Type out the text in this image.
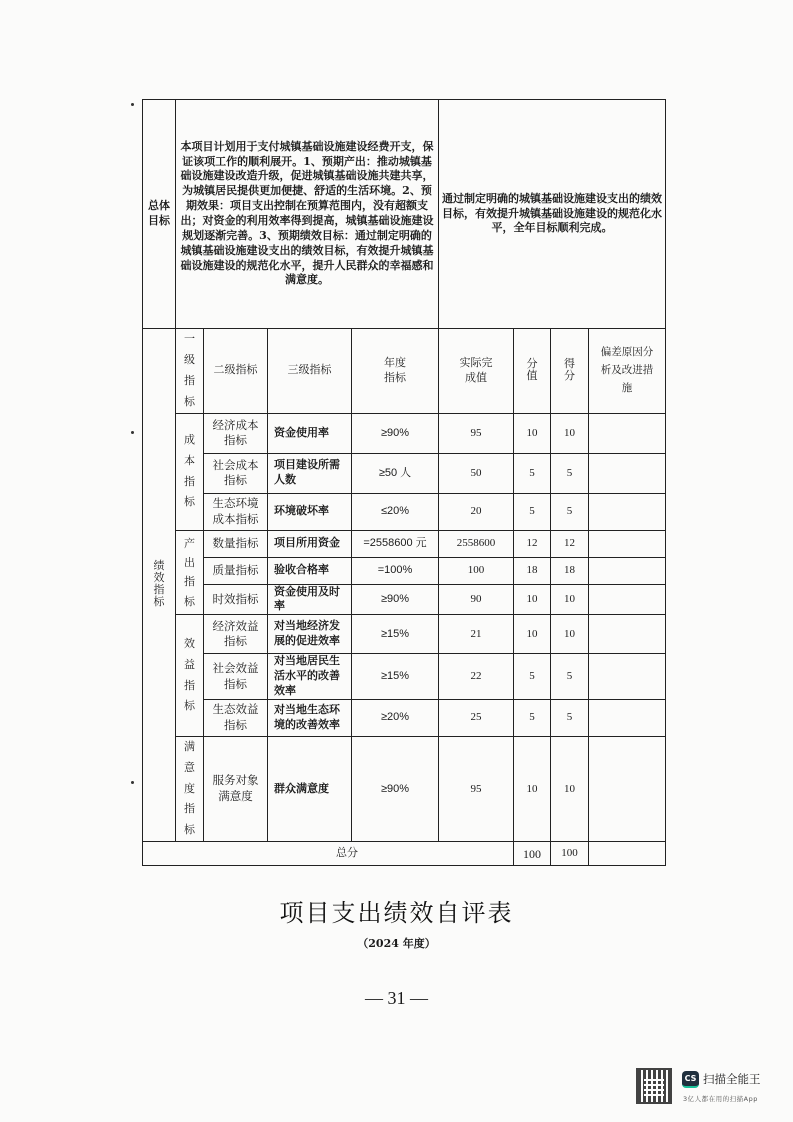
总体目标	本项目计划用于支付城镇基础设施建设经费开支，保证该项工作的顺利展开。1、预期产出：推动城镇基础设施建设改造升级，促进城镇基础设施共建共享，为城镇居民提供更加便捷、舒适的生活环境。2、预期效果：项目支出控制在预算范围内，没有超额支出；对资金的利用效率得到提高，城镇基础设施建设规划逐渐完善。3、预期绩效目标：通过制定明确的城镇基础设施建设支出的绩效目标，有效提升城镇基础设施建设的规范化水平，提升人民群众的幸福感和满意度。				通过制定明确的城镇基础设施建设支出的绩效目标，有效提升城镇基础设施建设的规范化水平，全年目标顺利完成。			
绩效指标	一级指标	二级指标	三级指标	年度指标	实际完成值	分值	得分	偏差原因分析及改进措施
	成本指标	经济成本指标	资金使用率	≥90%	95	10	10	
		社会成本指标	项目建设所需人数	≥50 人	50	5	5	
		生态环境成本指标	环境破坏率	≤20%	20	5	5	
	产出指标	数量指标	项目所用资金	=2558600 元	2558600	12	12	
		质量指标	验收合格率	=100%	100	18	18	
		时效指标	资金使用及时率	≥90%	90	10	10	
	效益指标	经济效益指标	对当地经济发展的促进效率	≥15%	21	10	10	
		社会效益指标	对当地居民生活水平的改善效率	≥15%	22	5	5	
		生态效益指标	对当地生态环境的改善效率	≥20%	25	5	5	
	满意度指标	服务对象满意度	群众满意度	≥90%	95	10	10	
总分						100	100	
项目支出绩效自评表
（2024 年度）
— 31 —
CS 扫描全能王
3亿人都在用的扫描App
